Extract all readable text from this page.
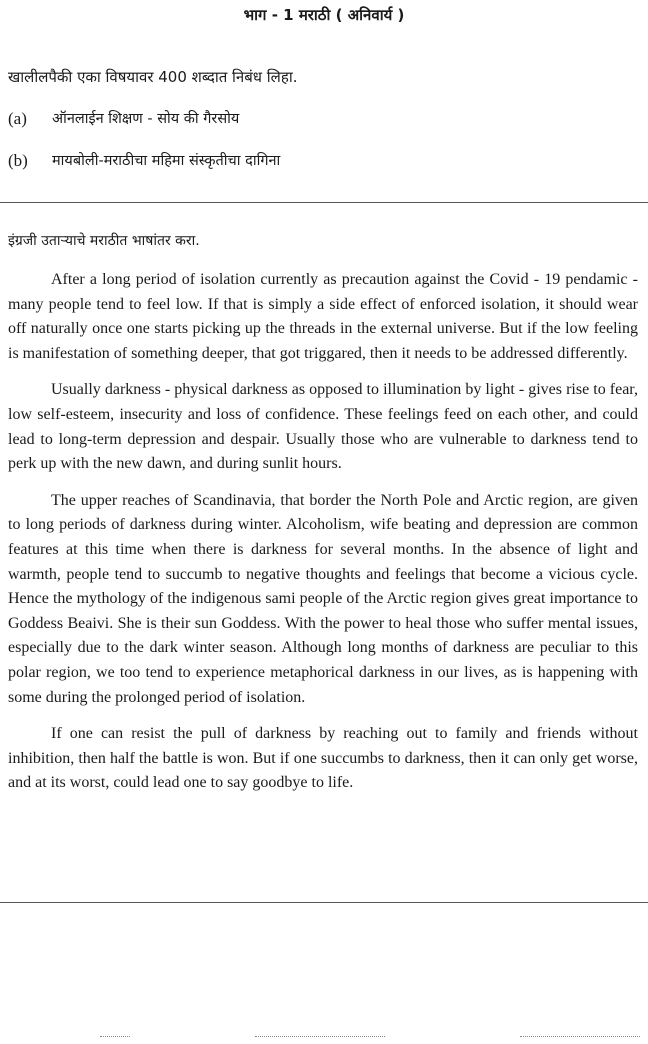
भाग - 1 मराठी ( अनिवार्य )
खालीलपैकी एका विषयावर 400 शब्दात निबंध लिहा.
(a)	ऑनलाईन शिक्षण - सोय की गैरसोय
(b)	मायबोली-मराठीचा महिमा संस्कृतीचा दागिना
इंग्रजी उताऱ्याचे मराठीत भाषांतर करा.

After a long period of isolation currently as precaution against the Covid - 19 pendamic - many people tend to feel low. If that is simply a side effect of enforced isolation, it should wear off naturally once one starts picking up the threads in the external universe. But if the low feeling is manifestation of something deeper, that got triggared, then it needs to be addressed differently.

Usually darkness - physical darkness as opposed to illumination by light - gives rise to fear, low self-esteem, insecurity and loss of confidence. These feelings feed on each other, and could lead to long-term depression and despair. Usually those who are vulnerable to darkness tend to perk up with the new dawn, and during sunlit hours.

The upper reaches of Scandinavia, that border the North Pole and Arctic region, are given to long periods of darkness during winter. Alcoholism, wife beating and depression are common features at this time when there is darkness for several months. In the absence of light and warmth, people tend to succumb to negative thoughts and feelings that become a vicious cycle. Hence the mythology of the indigenous sami people of the Arctic region gives great importance to Goddess Beaivi. She is their sun Goddess. With the power to heal those who suffer mental issues, especially due to the dark winter season. Although long months of darkness are peculiar to this polar region, we too tend to experience metaphorical darkness in our lives, as is happening with some during the prolonged period of isolation.

If one can resist the pull of darkness by reaching out to family and friends without inhibition, then half the battle is won. But if one succumbs to darkness, then it can only get worse, and at its worst, could lead one to say goodbye to life.
